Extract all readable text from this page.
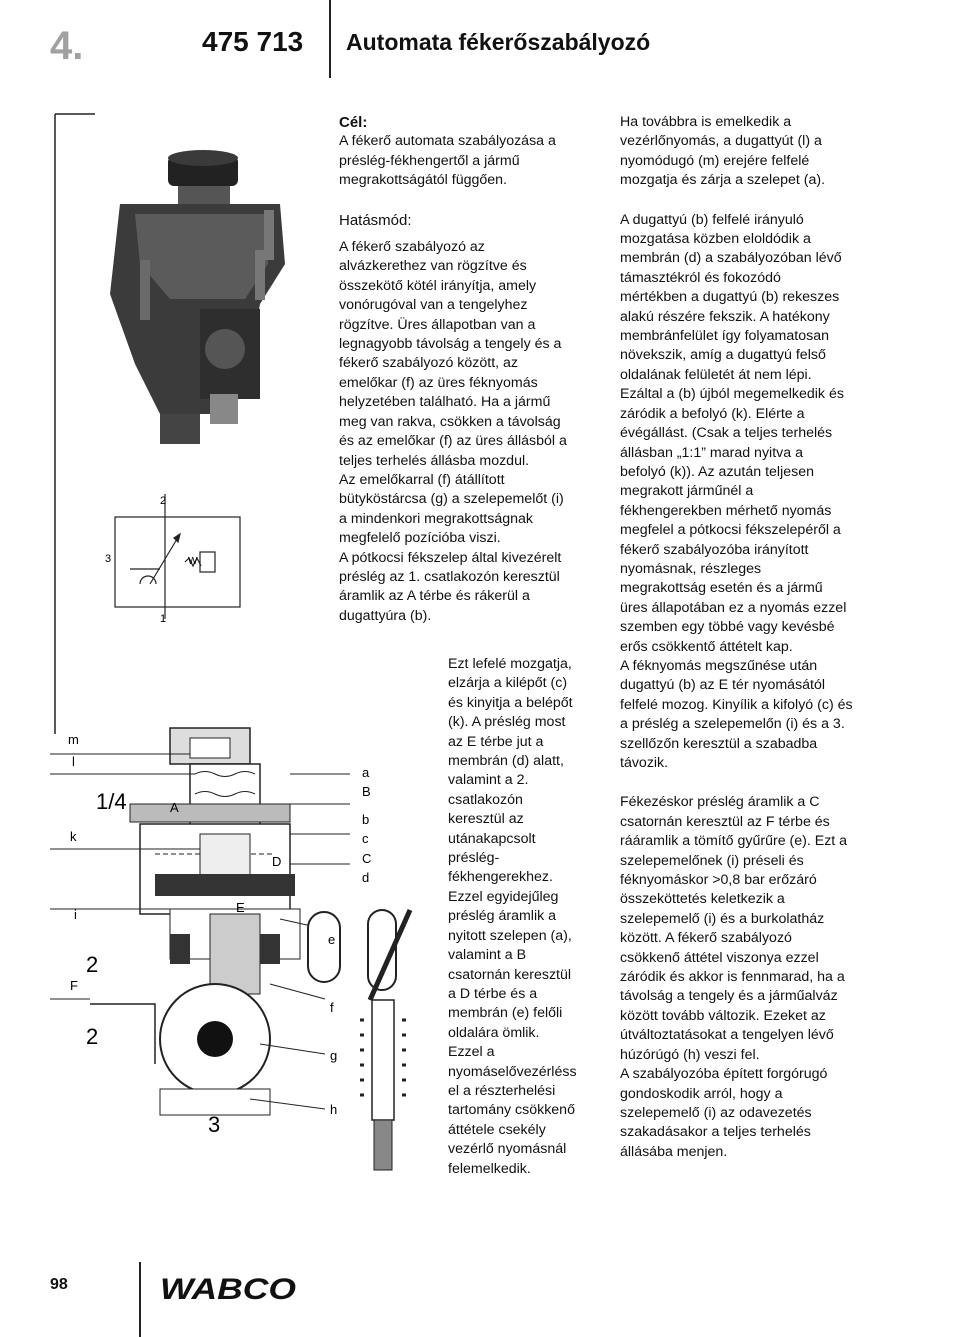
4.	475 713 Automata fékerőszabályozó
2
3
1
W
m
l
k
i
F
A
D
E
e
f
g
h
2
2
1/4
3
a
B
b
c
C
d

Cél:

A fékerő automata szabályozása a
préslég-fékhengertől a jármű
megrakottságától függően.

Hatásmód:

A fékerő szabályozó az
alvázkerethez van rögzítve és
összekötő kötél irányítja, amely
vonórugóval van a tengelyhez
rögzítve. Üres állapotban van a
legnagyobb távolság a tengely és a
fékerő szabályozó között, az
emelőkar (f) az üres féknyomás
helyzetében található. Ha a jármű
meg van rakva, csökken a távolság
és az emelőkar (f) az üres állásból a
teljes terhelés állásba mozdul.
Az emelőkarral (f) átállított
bütyköstárcsa (g) a szelepemelőt (i)
a mindenkori megrakottságnak
megfelelő pozícióba viszi.
A pótkocsi fékszelep által kivezérelt
préslég az 1. csatlakozón keresztül
áramlik az A térbe és rákerül a
dugattyúra (b).

Ezt lefelé mozgatja,
elzárja a kilépőt (c)
és kinyitja a belépőt
(k). A préslég most
az E térbe jut a
membrán (d) alatt,
valamint a 2.
csatlakozón
keresztül az
utánakapcsolt
préslég-
fékhengerekhez.
Ezzel egyidejűleg
préslég áramlik a
nyitott szelepen (a),
valamint a B
csatornán keresztül
a D térbe és a
membrán (e) felőli
oldalára ömlik.
Ezzel a
nyomáselővezérléss
el a részterhelési
tartomány csökkenő
áttétele csekély
vezérlő nyomásnál
felemelkedik.

Ha továbbra is emelkedik a
vezérlőnyomás, a dugattyút (l) a
nyomódugó (m) erejére felfelé
mozgatja és zárja a szelepet (a).

A dugattyú (b) felfelé irányuló
mozgatása közben eloldódik a
membrán (d) a szabályozóban lévő
támasztékról és fokozódó
mértékben a dugattyú (b) rekeszes
alakú részére fekszik. A hatékony
membránfelület így folyamatosan
növekszik, amíg a dugattyú felső
oldalának felületét át nem lépi.
Ezáltal a (b) újból megemelkedik és
záródik a befolyó (k). Elérte a
évégállást. (Csak a teljes terhelés
állásban „1:1” marad nyitva a
befolyó (k)). Az azután teljesen
megrakott járműnél a
fékhengerekben mérhető nyomás
megfelel a pótkocsi fékszelepéről a
fékerő szabályozóba irányított
nyomásnak, részleges
megrakottság esetén és a jármű
üres állapotában ez a nyomás ezzel
szemben egy többé vagy kevésbé
erős csökkentő áttételt kap.
A féknyomás megszűnése után
dugattyú (b) az E tér nyomásától
felfelé mozog. Kinyílik a kifolyó (c) és
a préslég a szelepemelőn (i) és a 3.
szellőzőn keresztül a szabadba
távozik.

Fékezéskor préslég áramlik a C
csatornán keresztül az F térbe és
rááramlik a tömítő gyűrűre (e). Ezt a
szelepemelőnek (i) préseli és
féknyomáskor >0,8 bar erőzáró
összeköttetés keletkezik a
szelepemelő (i) és a burkolatház
között. A fékerő szabályozó
csökkenő áttétel viszonya ezzel
záródik és akkor is fennmarad, ha a
távolság a tengely és a járműalváz
között tovább változik. Ezeket az
útváltoztatásokat a tengelyen lévő
húzórúgó (h) veszi fel.
A szabályozóba épített forgórugó
gondoskodik arról, hogy a
szelepemelő (i) az odavezetés
szakadásakor a teljes terhelés
állásába menjen.

98	WABCO
